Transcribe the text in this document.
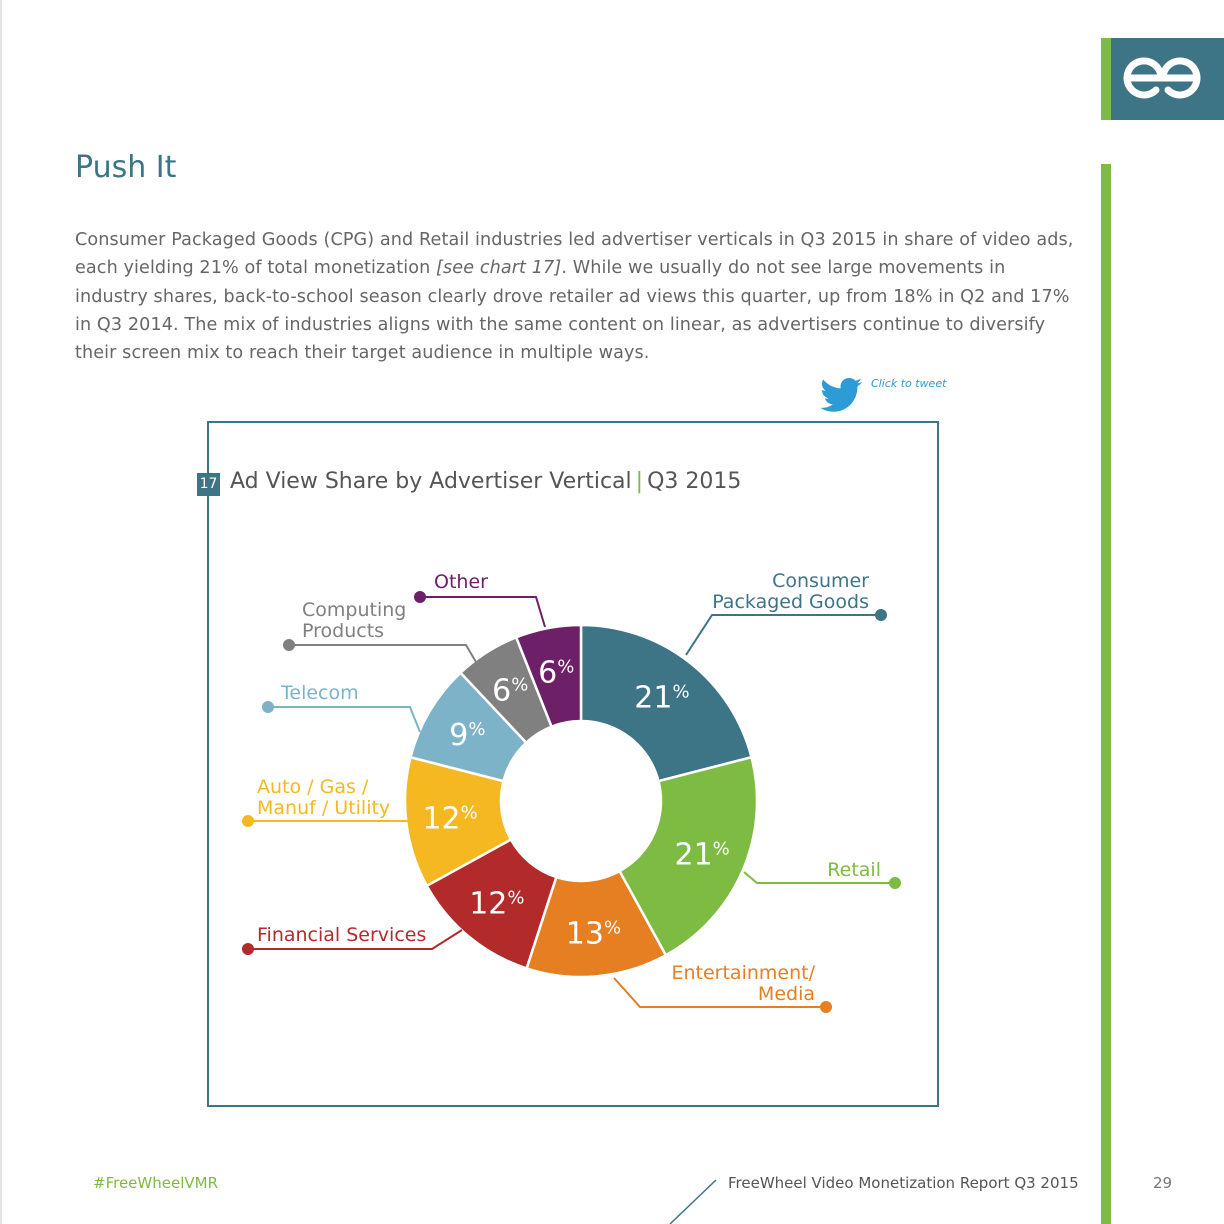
Push It
Consumer Packaged Goods (CPG) and Retail industries led advertiser verticals in Q3 2015 in share of video ads, each yielding 21% of total monetization [see chart 17]. While we usually do not see large movements in industry shares, back-to-school season clearly drove retailer ad views this quarter, up from 18% in Q2 and 17% in Q3 2014. The mix of industries aligns with the same content on linear, as advertisers continue to diversify their screen mix to reach their target audience in multiple ways.
Click to tweet
17 Ad View Share by Advertiser Vertical | Q3 2015
21%
Consumer Packaged Goods
21%
Retail
13%
Entertainment/ Media
12%
Financial Services
12%
Auto / Gas / Manuf / Utility
9%
Telecom	6%
Computing Products
6%
Other
#FreeWheelVMR	FreeWheel Video Monetization Report Q3 2015	29
